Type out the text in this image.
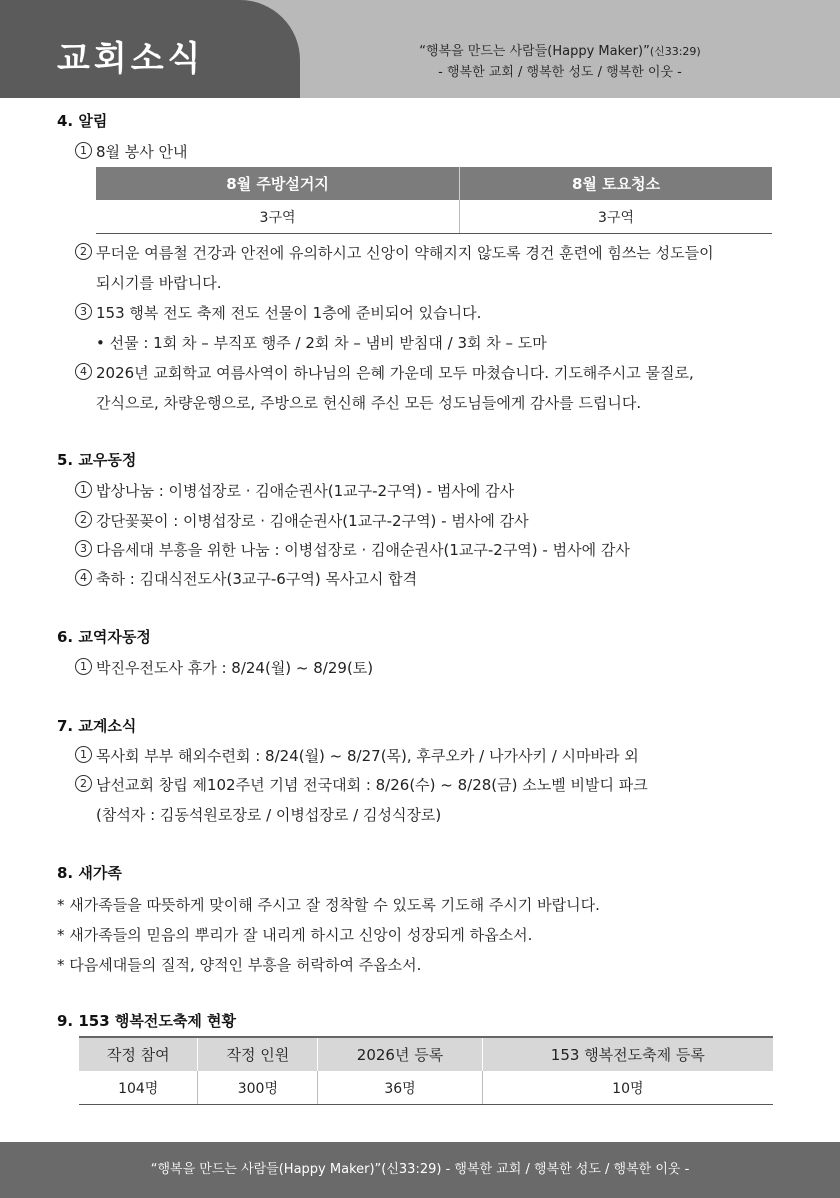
교회소식	“행복을 만드는 사람들(Happy Maker)”(신33:29)
- 행복한 교회 / 행복한 성도 / 행복한 이웃 -
4. 알림
1 8월 봉사 안내
8월 주방설거지	8월 토요청소
3구역	3구역
2 무더운 여름철 건강과 안전에 유의하시고 신앙이 약해지지 않도록 경건 훈련에 힘쓰는 성도들이
되시기를 바랍니다.
3 153 행복 전도 축제 전도 선물이 1층에 준비되어 있습니다.
• 선물 : 1회 차 – 부직포 행주 / 2회 차 – 냄비 받침대 / 3회 차 – 도마
4 2026년 교회학교 여름사역이 하나님의 은혜 가운데 모두 마쳤습니다. 기도해주시고 물질로,
간식으로, 차량운행으로, 주방으로 헌신해 주신 모든 성도님들에게 감사를 드립니다.
5. 교우동정
1 밥상나눔 : 이병섭장로 · 김애순권사(1교구-2구역) - 범사에 감사
2 강단꽃꽂이 : 이병섭장로 · 김애순권사(1교구-2구역) - 범사에 감사
3 다음세대 부흥을 위한 나눔 : 이병섭장로 · 김애순권사(1교구-2구역) - 범사에 감사
4 축하 : 김대식전도사(3교구-6구역) 목사고시 합격
6. 교역자동정
1 박진우전도사 휴가 : 8/24(월) ~ 8/29(토)
7. 교계소식
1 목사회 부부 해외수련회 : 8/24(월) ~ 8/27(목), 후쿠오카 / 나가사키 / 시마바라 외
2 남선교회 창립 제102주년 기념 전국대회 : 8/26(수) ~ 8/28(금) 소노벨 비발디 파크
(참석자 : 김동석원로장로 / 이병섭장로 / 김성식장로)
8. 새가족
* 새가족들을 따뜻하게 맞이해 주시고 잘 정착할 수 있도록 기도해 주시기 바랍니다.
* 새가족들의 믿음의 뿌리가 잘 내리게 하시고 신앙이 성장되게 하옵소서.
* 다음세대들의 질적, 양적인 부흥을 허락하여 주옵소서.
9. 153 행복전도축제 현황
작정 참여	작정 인원	2026년 등록	153 행복전도축제 등록
104명	300명	36명	10명
“행복을 만드는 사람들(Happy Maker)”(신33:29) - 행복한 교회 / 행복한 성도 / 행복한 이웃 -
